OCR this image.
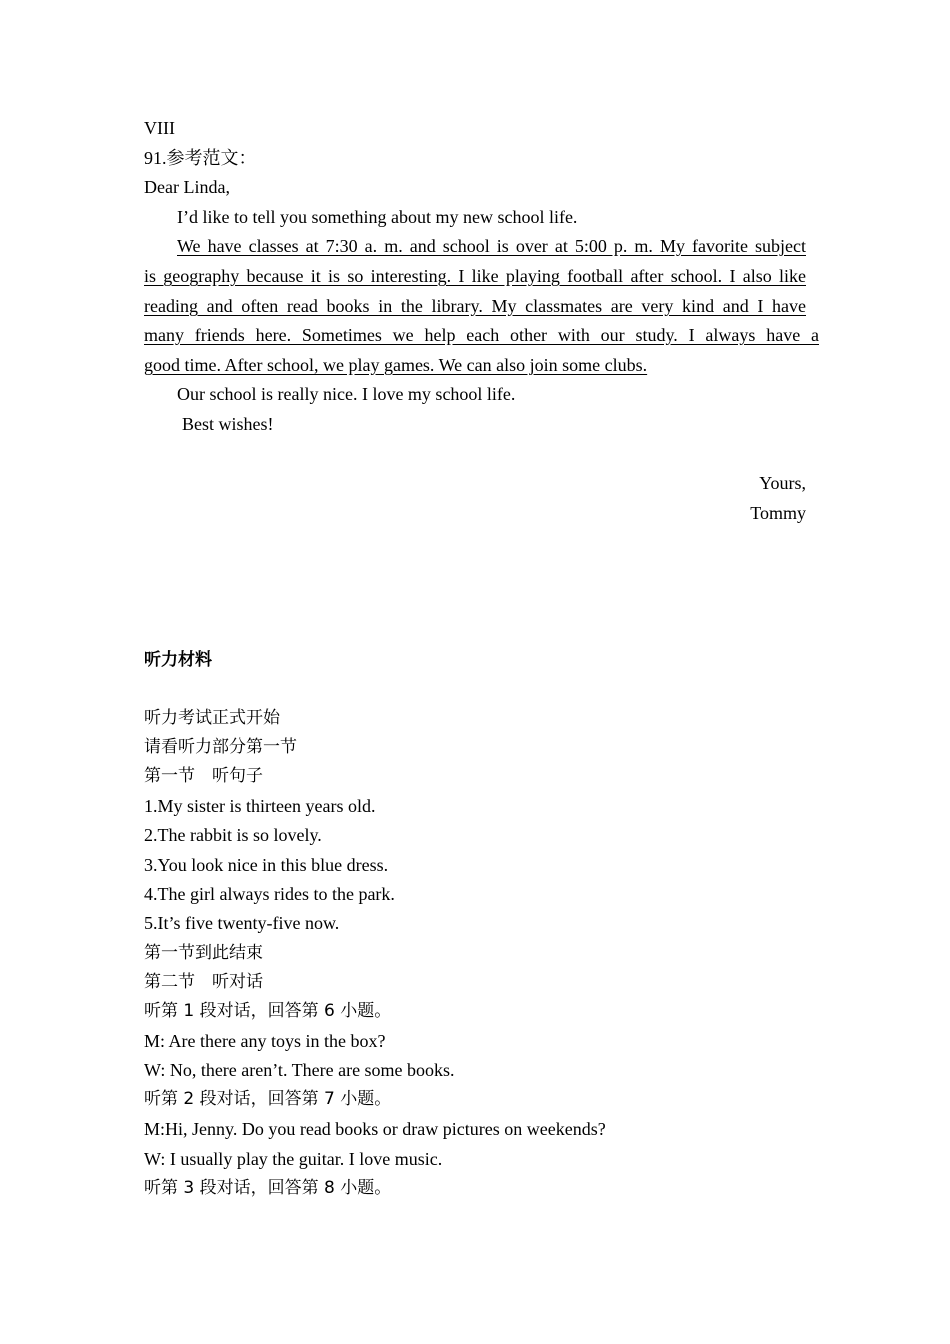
VIII
91.参考范文：
Dear Linda,
I’d like to tell you something about my new school life.
We have classes at 7:30 a. m. and school is over at 5:00 p. m. My favorite subject
is geography because it is so interesting. I like playing football after school. I also like
reading and often read books in the library. My classmates are very kind and I have
many friends here. Sometimes we help each other with our study. I always have a
good time. After school, we play games. We can also join some clubs.
Our school is really nice. I love my school life.
Best wishes!
Yours,
Tommy
听力材料
听力考试正式开始
请看听力部分第一节
第一节　听句子
1.My sister is thirteen years old.
2.The rabbit is so lovely.
3.You look nice in this blue dress.
4.The girl always rides to the park.
5.It’s five twenty-five now.
第一节到此结束
第二节　听对话
听第 1 段对话，回答第 6 小题。
M: Are there any toys in the box?
W: No, there aren’t. There are some books.
听第 2 段对话，回答第 7 小题。
M:Hi, Jenny. Do you read books or draw pictures on weekends?
W: I usually play the guitar. I love music.
听第 3 段对话，回答第 8 小题。
